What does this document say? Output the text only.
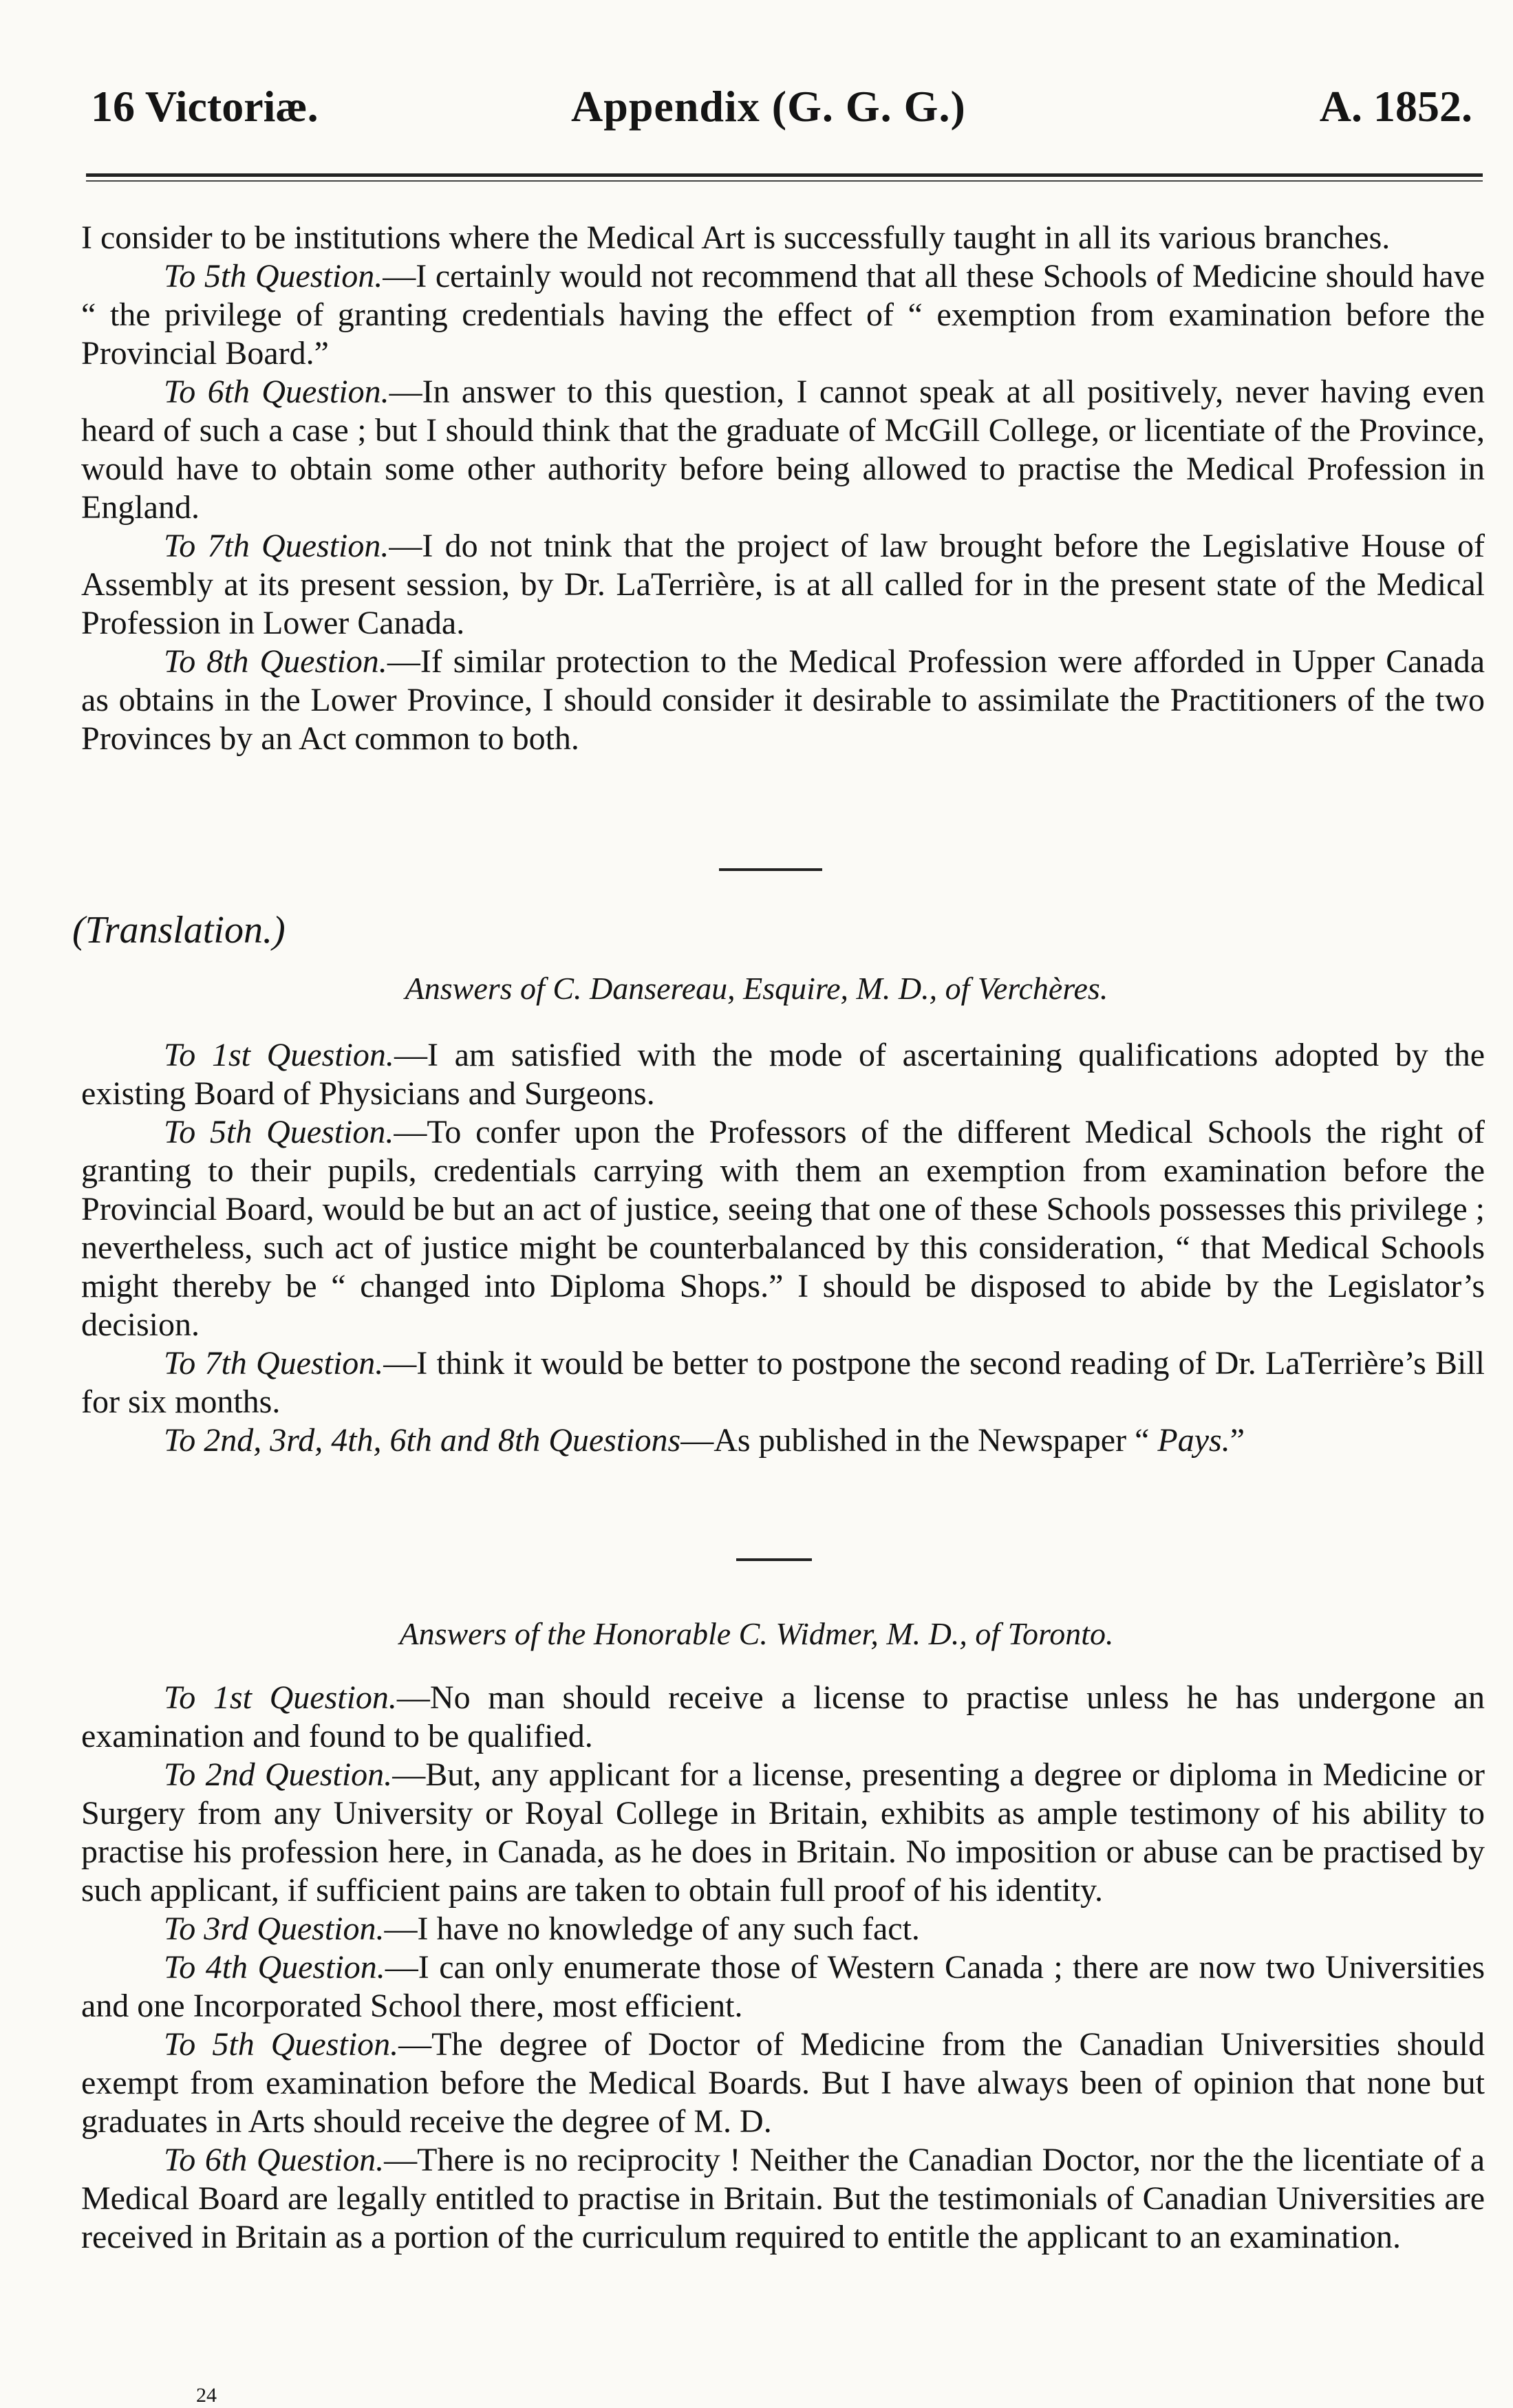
16 Victoriæ.	Appendix (G. G. G.)	A. 1852.

I consider to be institutions where the Medical Art is successfully taught in all its various branches.

To 5th Question.—I certainly would not recommend that all these Schools of Medicine should have “ the privilege of granting credentials having the effect of “ exemption from examination before the Provincial Board.”

To 6th Question.—In answer to this question, I cannot speak at all positively, never having even heard of such a case ; but I should think that the graduate of McGill College, or licentiate of the Province, would have to obtain some other authority before being allowed to practise the Medical Profession in England.

To 7th Question.—I do not tnink that the project of law brought before the Legislative House of Assembly at its present session, by Dr. LaTerrière, is at all called for in the present state of the Medical Profession in Lower Canada.

To 8th Question.—If similar protection to the Medical Profession were afforded in Upper Canada as obtains in the Lower Province, I should consider it desirable to assimilate the Practitioners of the two Provinces by an Act common to both.

(Translation.)
Answers of C. Dansereau, Esquire, M. D., of Verchères.

To 1st Question.—I am satisfied with the mode of ascertaining qualifications adopted by the existing Board of Physicians and Surgeons.

To 5th Question.—To confer upon the Professors of the different Medical Schools the right of granting to their pupils, credentials carrying with them an exemption from examination before the Provincial Board, would be but an act of justice, seeing that one of these Schools possesses this privilege ; nevertheless, such act of justice might be counterbalanced by this consideration, “ that Medical Schools might thereby be “ changed into Diploma Shops.” I should be disposed to abide by the Legislator’s decision.

To 7th Question.—I think it would be better to postpone the second reading of Dr. LaTerrière’s Bill for six months.

To 2nd, 3rd, 4th, 6th and 8th Questions—As published in the Newspaper “ Pays.”

Answers of the Honorable C. Widmer, M. D., of Toronto.

To 1st Question.—No man should receive a license to practise unless he has undergone an examination and found to be qualified.

To 2nd Question.—But, any applicant for a license, presenting a degree or diploma in Medicine or Surgery from any University or Royal College in Britain, exhibits as ample testimony of his ability to practise his profession here, in Canada, as he does in Britain. No imposition or abuse can be practised by such applicant, if sufficient pains are taken to obtain full proof of his identity.

To 3rd Question.—I have no knowledge of any such fact.

To 4th Question.—I can only enumerate those of Western Canada ; there are now two Universities and one Incorporated School there, most efficient.

To 5th Question.—The degree of Doctor of Medicine from the Canadian Universities should exempt from examination before the Medical Boards. But I have always been of opinion that none but graduates in Arts should receive the degree of M. D.

To 6th Question.—There is no reciprocity ! Neither the Canadian Doctor, nor the the licentiate of a Medical Board are legally entitled to practise in Britain. But the testimonials of Canadian Universities are received in Britain as a portion of the curriculum required to entitle the applicant to an examination.

24
